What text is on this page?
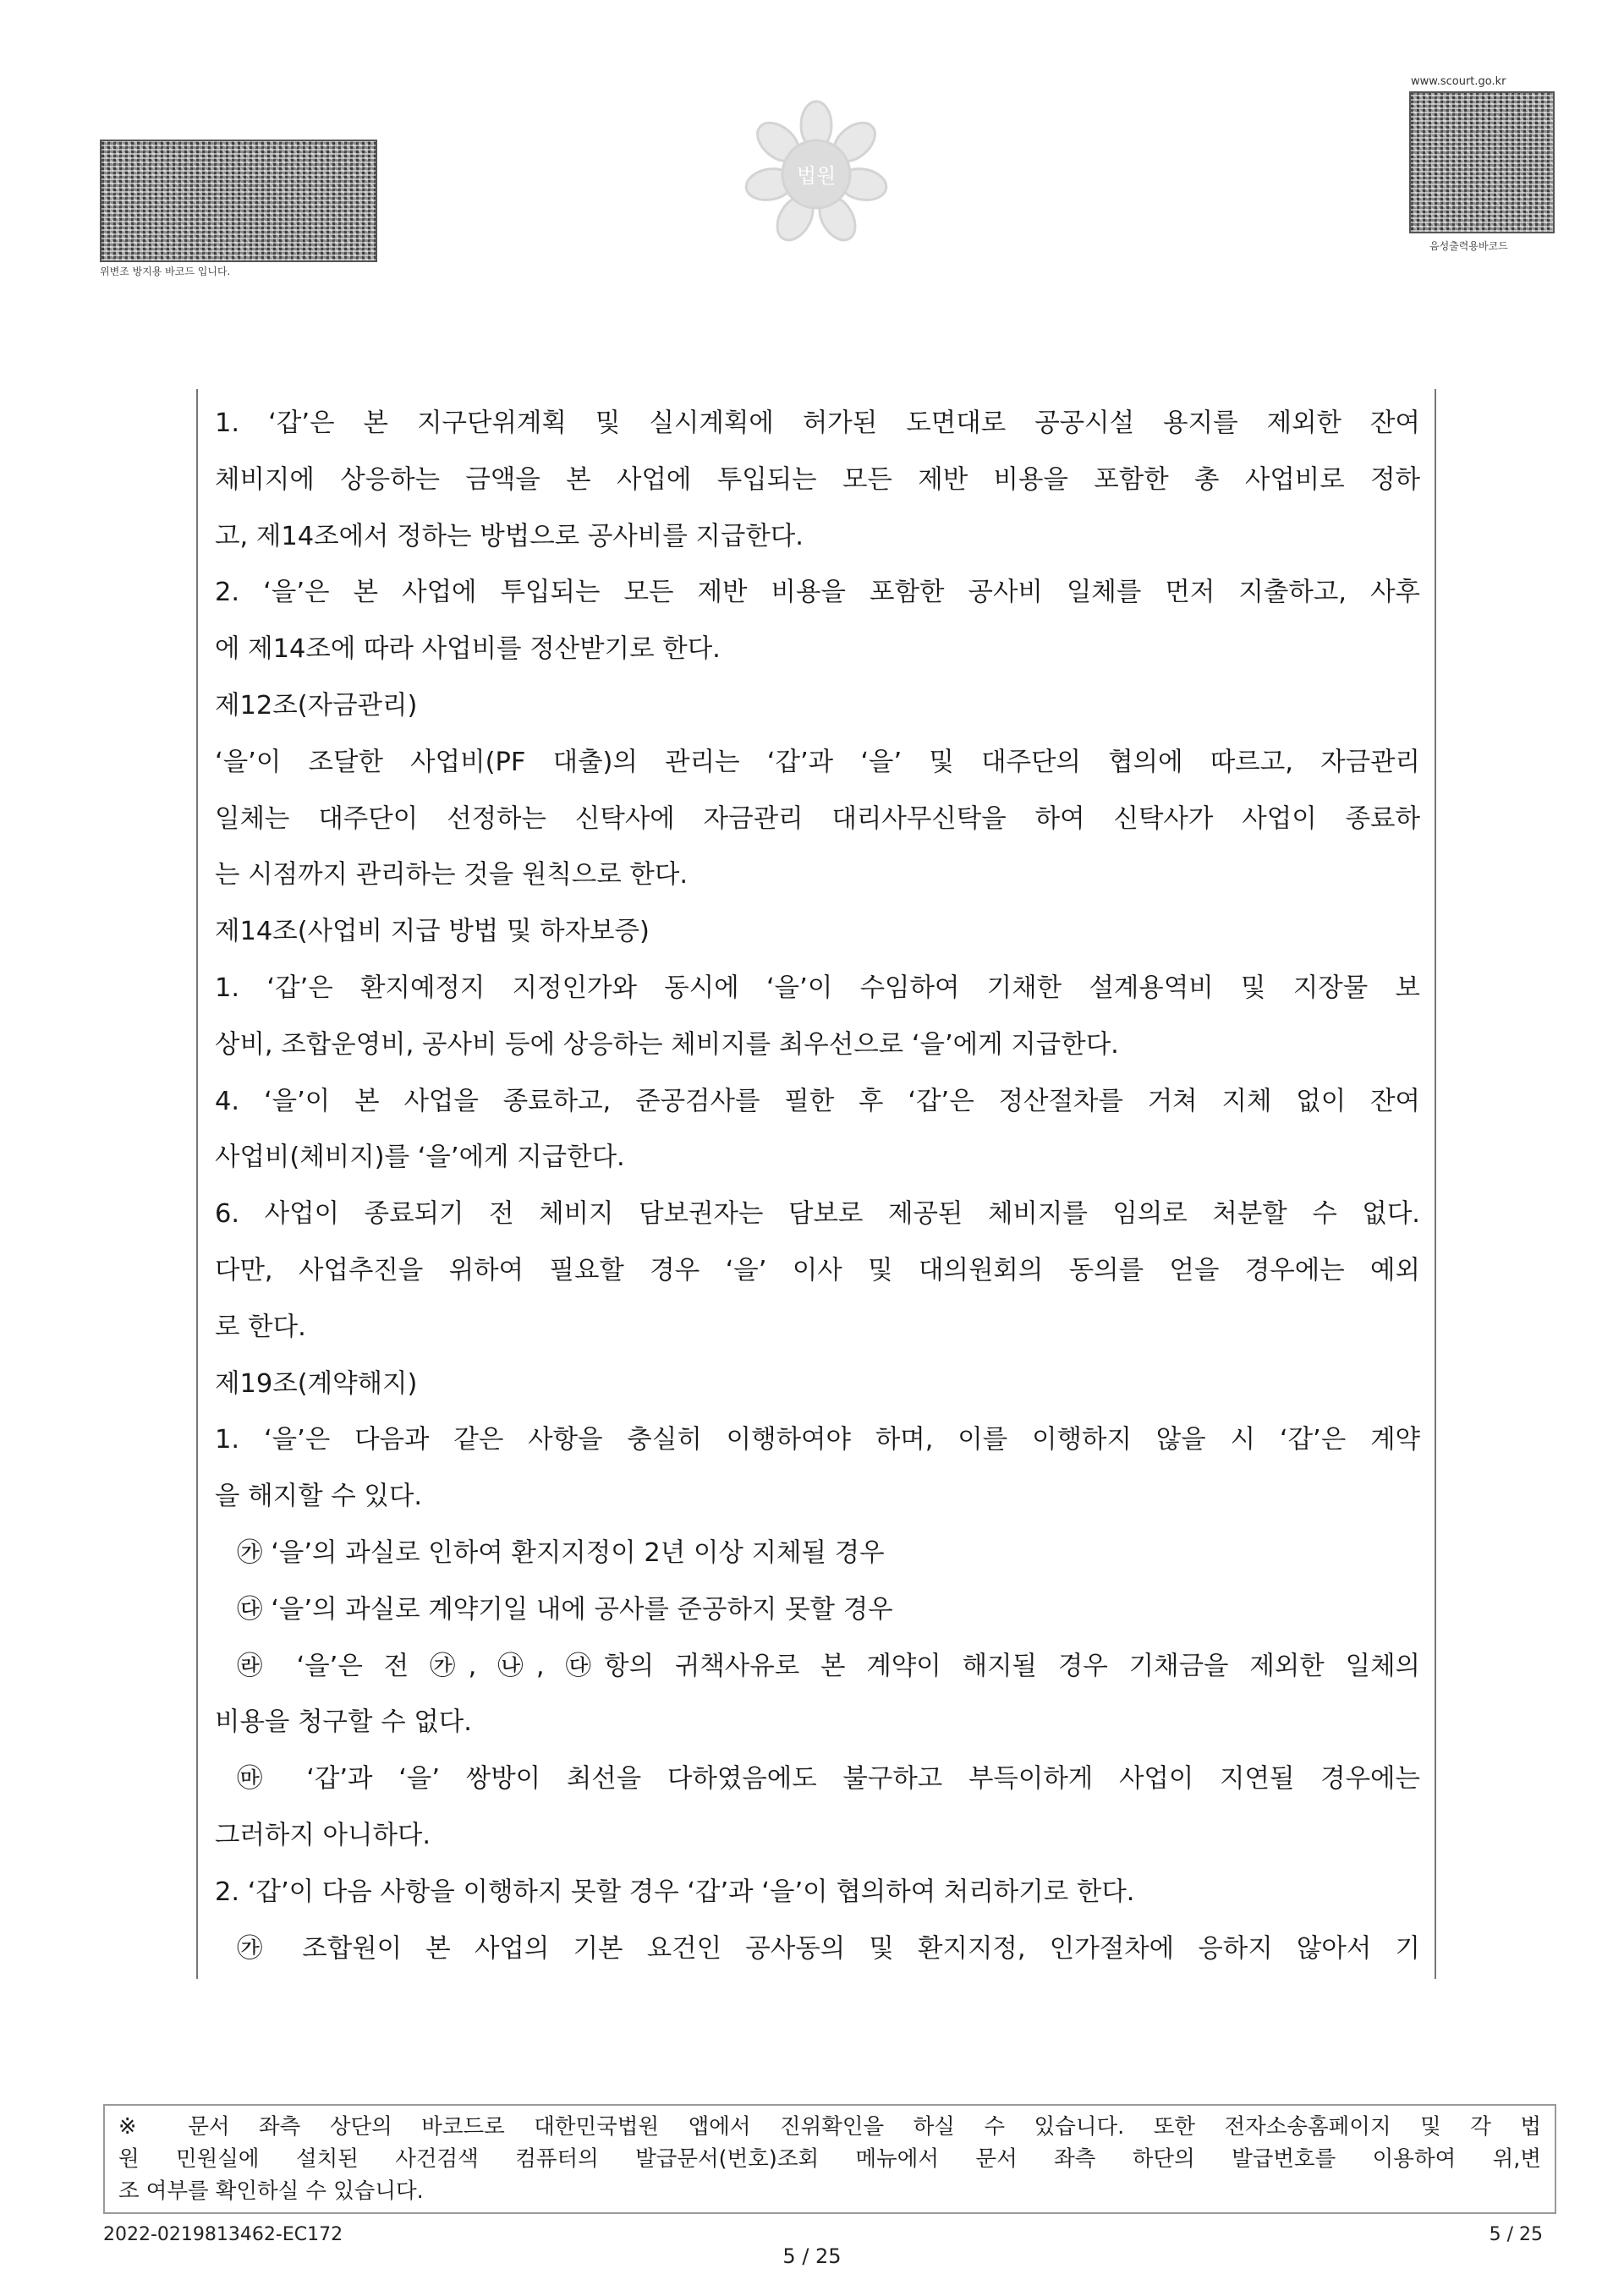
위변조 방지용 바코드 입니다.
법원
www.scourt.go.kr
음성출력용바코드
1. ‘갑’은 본 지구단위계획 및 실시계획에 허가된 도면대로 공공시설 용지를 제외한 잔여
체비지에 상응하는 금액을 본 사업에 투입되는 모든 제반 비용을 포함한 총 사업비로 정하
고, 제14조에서 정하는 방법으로 공사비를 지급한다.
2. ‘을’은 본 사업에 투입되는 모든 제반 비용을 포함한 공사비 일체를 먼저 지출하고, 사후
에 제14조에 따라 사업비를 정산받기로 한다.
제12조(자금관리)
‘을’이 조달한 사업비(PF 대출)의 관리는 ‘갑’과 ‘을’ 및 대주단의 협의에 따르고, 자금관리
일체는 대주단이 선정하는 신탁사에 자금관리 대리사무신탁을 하여 신탁사가 사업이 종료하
는 시점까지 관리하는 것을 원칙으로 한다.
제14조(사업비 지급 방법 및 하자보증)
1. ‘갑’은 환지예정지 지정인가와 동시에 ‘을’이 수임하여 기채한 설계용역비 및 지장물 보
상비, 조합운영비, 공사비 등에 상응하는 체비지를 최우선으로 ‘을’에게 지급한다.
4. ‘을’이 본 사업을 종료하고, 준공검사를 필한 후 ‘갑’은 정산절차를 거쳐 지체 없이 잔여
사업비(체비지)를 ‘을’에게 지급한다.
6. 사업이 종료되기 전 체비지 담보권자는 담보로 제공된 체비지를 임의로 처분할 수 없다.
다만, 사업추진을 위하여 필요할 경우 ‘을’ 이사 및 대의원회의 동의를 얻을 경우에는 예외
로 한다.
제19조(계약해지)
1. ‘을’은 다음과 같은 사항을 충실히 이행하여야 하며, 이를 이행하지 않을 시 ‘갑’은 계약
을 해지할 수 있다.
㉮ ‘을’의 과실로 인하여 환지지정이 2년 이상 지체될 경우
㉰ ‘을’의 과실로 계약기일 내에 공사를 준공하지 못할 경우
㉱ ‘을’은 전 ㉮, ㉯, ㉰항의 귀책사유로 본 계약이 해지될 경우 기채금을 제외한 일체의
비용을 청구할 수 없다.
㉲ ‘갑’과 ‘을’ 쌍방이 최선을 다하였음에도 불구하고 부득이하게 사업이 지연될 경우에는
그러하지 아니하다.
2. ‘갑’이 다음 사항을 이행하지 못할 경우 ‘갑’과 ‘을’이 협의하여 처리하기로 한다.
㉮ 조합원이 본 사업의 기본 요건인 공사동의 및 환지지정, 인가절차에 응하지 않아서 기
※ 문서 좌측 상단의 바코드로 대한민국법원 앱에서 진위확인을 하실 수 있습니다. 또한 전자소송홈페이지 및 각 법
원 민원실에 설치된 사건검색 컴퓨터의 발급문서(번호)조회 메뉴에서 문서 좌측 하단의 발급번호를 이용하여 위,변
조 여부를 확인하실 수 있습니다.
2022-0219813462-EC172
5 / 25
5 / 25
